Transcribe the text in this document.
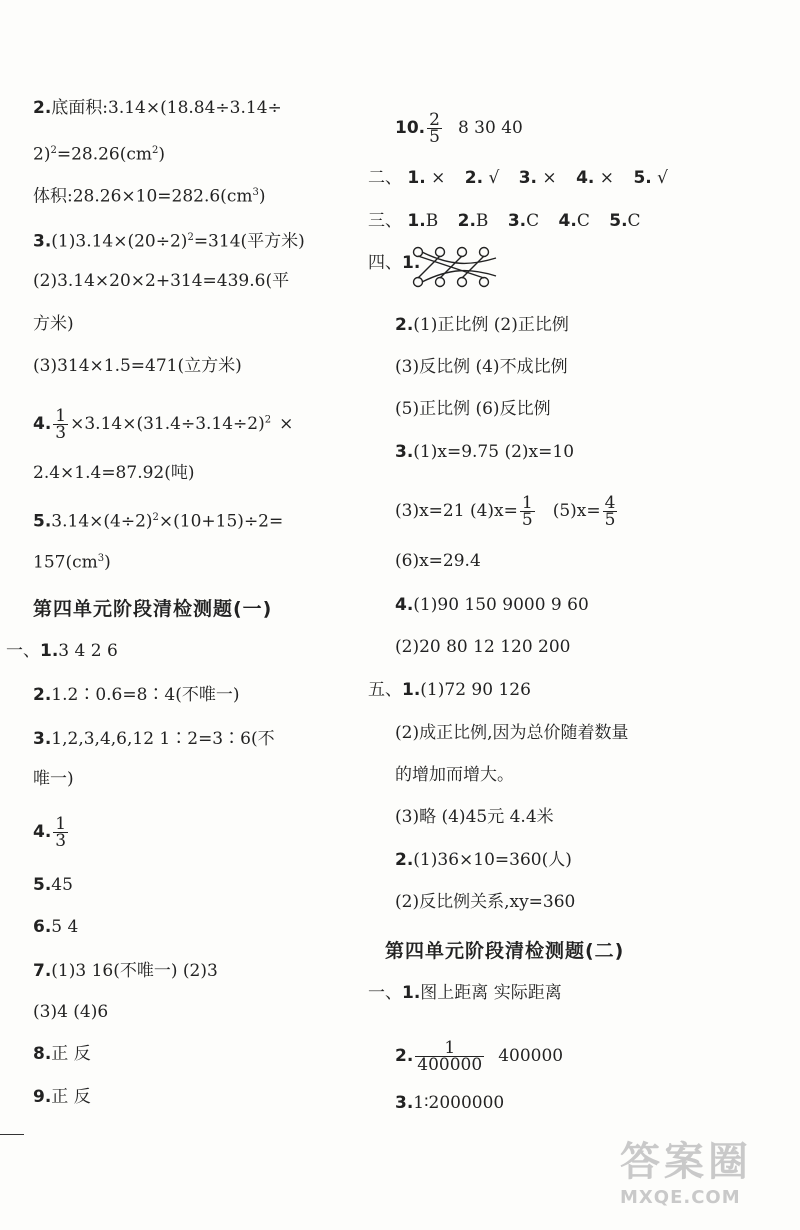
2.底面积:3.14×(18.84÷3.14÷
$2)^2=28.26(cm^2)$
体积$:28.26\times 10=282.6(cm^3)$
$3.(1)3.14\times(20\div 2)^2=314$(平方米)
(2)3.14×20×2+314=439.6(平
方米)
(3)314×1.5=471(立方米)
4. $\frac{1}{3} \times 3.14\times(31.4\div 3.14\div 2)^2$ ×
2.4×1.4=87.92(吨)
$5.3.14\times(4\div 2)^2\times(10+15)\div 2=$
$157(cm^3)$
第四单元阶段清检测题(一)
一、1.3 4 2 6
2.1.2∶0.6=8∶4(不唯一)
3.1,2,3,4,6,12 1∶2=3∶6(不
唯一)
4. $\frac{1}{3}$
5.45
6.5 4
7.(1)3 16(不唯一) (2)3
(3)4 (4)6
8.正 反
9.正 反
10. $\frac{2}{5} 8$ 30 40
二、 1. × 2. √ 3. × 4. × 5. √
三、 1.B 2.B 3.C 4.C 5.C
四、1.
2.(1)正比例 (2)正比例
(3)反比例 (4)不成比例
(5)正比例 (6)反比例
3.(1)x=9.75 (2)x=10
(3)x=21 $(4)x= \frac{1}{5} (5)x= \frac{4}{5}$
(6)x=29.4
4.(1)90 150 9000 9 60
(2)20 80 12 120 200
五、1.(1)72 90 126
(2)成正比例,因为总价随着数量
的增加而增大。
(3)略 (4)45元 4.4米
2.(1)36×10=360(人)
(2)反比例关系,xy=360
第四单元阶段清检测题(二)
一、1.图上距离 实际距离
2. $\frac{1}{400000} 400000$
3.1∶2000000
答案圈
MXQE.COM
